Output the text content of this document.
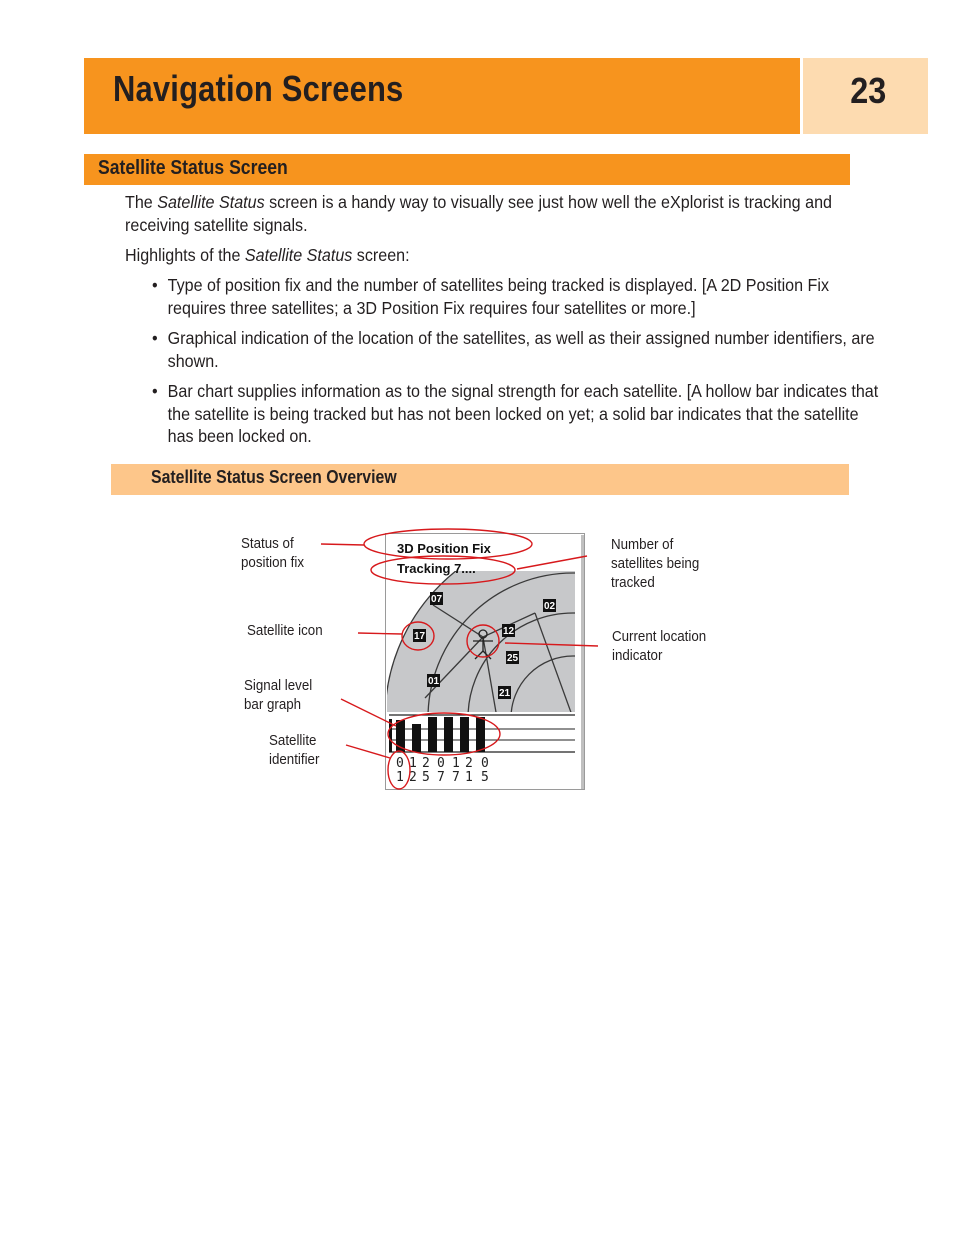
Navigation Screens	23
Satellite Status Screen
The Satellite Status screen is a handy way to visually see just how well the eXplorist is tracking and receiving satellite signals.
Highlights of the Satellite Status screen:
• Type of position fix and the number of satellites being tracked is displayed. [A 2D Position Fix requires three satellites; a 3D Position Fix requires four satellites or more.]
• Graphical indication of the location of the satellites, as well as their assigned number identifiers, are shown.
• Bar chart supplies information as to the signal strength for each satellite. [A hollow bar indicates that the satellite is being tracked but has not been locked on yet; a solid bar indicates that the satellite has been locked on.
Satellite Status Screen Overview
Status of
position fix
Satellite icon
Signal level
bar graph
Satellite
identifier
Number of
satellites being
tracked
Current location
indicator
07
01
17	12
25
21
02
0 1 2 0 1 2 0
1 2 5 7 7 1 5
3D Position Fix
Tracking 7....
